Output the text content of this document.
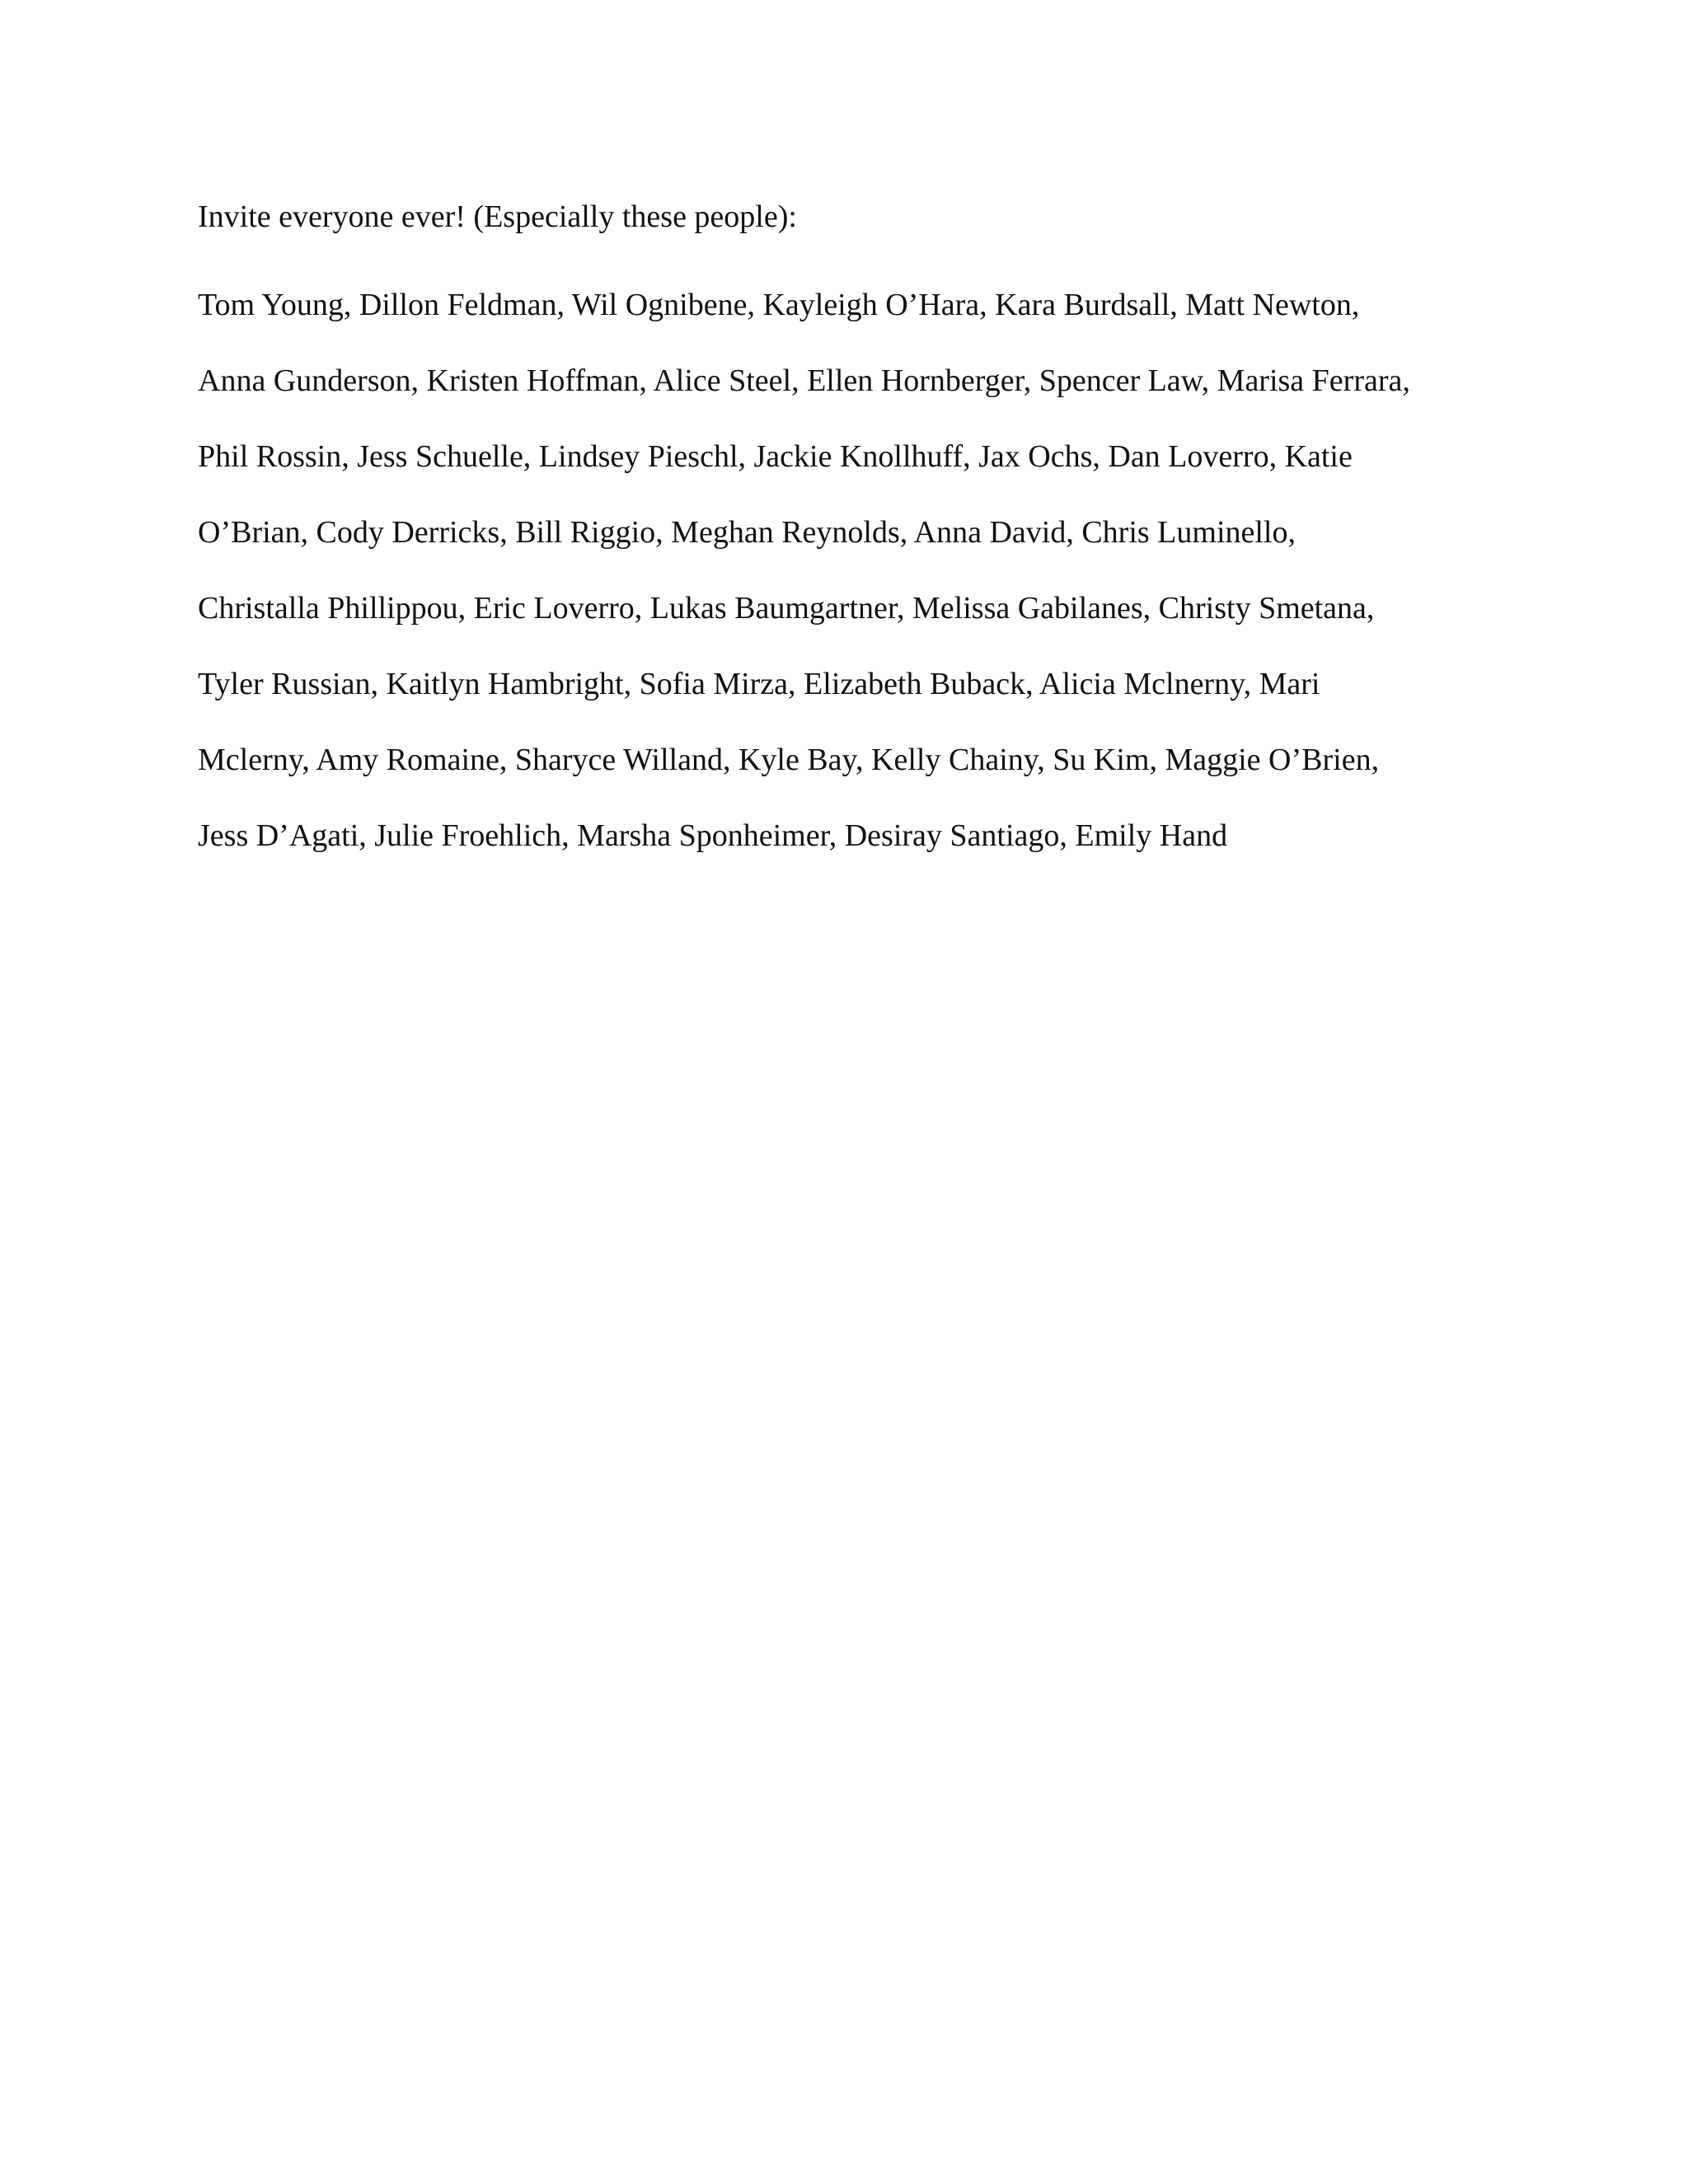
Invite everyone ever! (Especially these people):

Tom Young, Dillon Feldman, Wil Ognibene, Kayleigh O’Hara, Kara Burdsall, Matt Newton,
Anna Gunderson, Kristen Hoffman, Alice Steel, Ellen Hornberger, Spencer Law, Marisa Ferrara,
Phil Rossin, Jess Schuelle, Lindsey Pieschl, Jackie Knollhuff, Jax Ochs, Dan Loverro, Katie
O’Brian, Cody Derricks, Bill Riggio, Meghan Reynolds, Anna David, Chris Luminello,
Christalla Phillippou, Eric Loverro, Lukas Baumgartner, Melissa Gabilanes, Christy Smetana,
Tyler Russian, Kaitlyn Hambright, Sofia Mirza, Elizabeth Buback, Alicia Mclnerny, Mari
Mclerny, Amy Romaine, Sharyce Willand, Kyle Bay, Kelly Chainy, Su Kim, Maggie O’Brien,
Jess D’Agati, Julie Froehlich, Marsha Sponheimer, Desiray Santiago, Emily Hand
